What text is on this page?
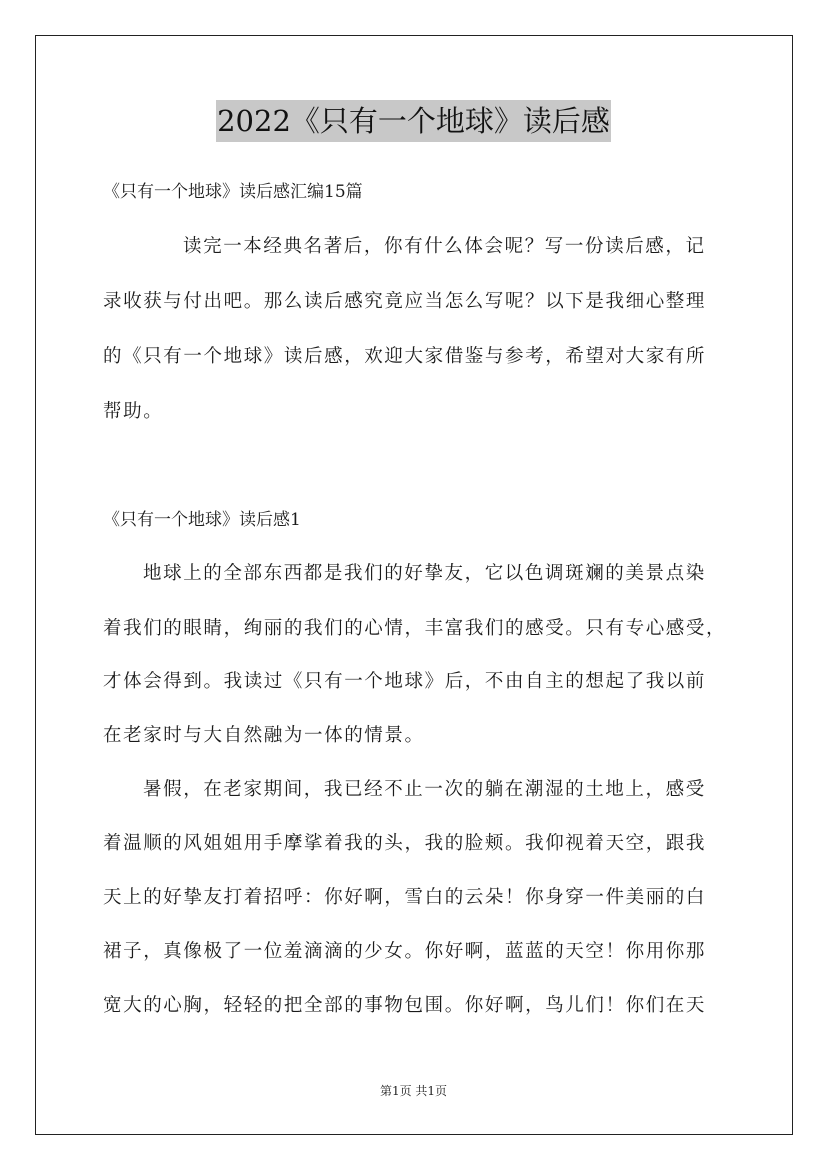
2022《只有一个地球》读后感
《只有一个地球》读后感汇编15篇
读完一本经典名著后，你有什么体会呢？写一份读后感，记
录收获与付出吧。那么读后感究竟应当怎么写呢？以下是我细心整理
的《只有一个地球》读后感，欢迎大家借鉴与参考，希望对大家有所
帮助。
《只有一个地球》读后感1
地球上的全部东西都是我们的好挚友，它以色调斑斓的美景点染
着我们的眼睛，绚丽的我们的心情，丰富我们的感受。只有专心感受，
才体会得到。我读过《只有一个地球》后，不由自主的想起了我以前
在老家时与大自然融为一体的情景。
暑假，在老家期间，我已经不止一次的躺在潮湿的土地上，感受
着温顺的风姐姐用手摩挲着我的头，我的脸颊。我仰视着天空，跟我
天上的好挚友打着招呼：你好啊，雪白的云朵！你身穿一件美丽的白
裙子，真像极了一位羞滴滴的少女。你好啊，蓝蓝的天空！你用你那
宽大的心胸，轻轻的把全部的事物包围。你好啊，鸟儿们！你们在天
第1页 共1页
